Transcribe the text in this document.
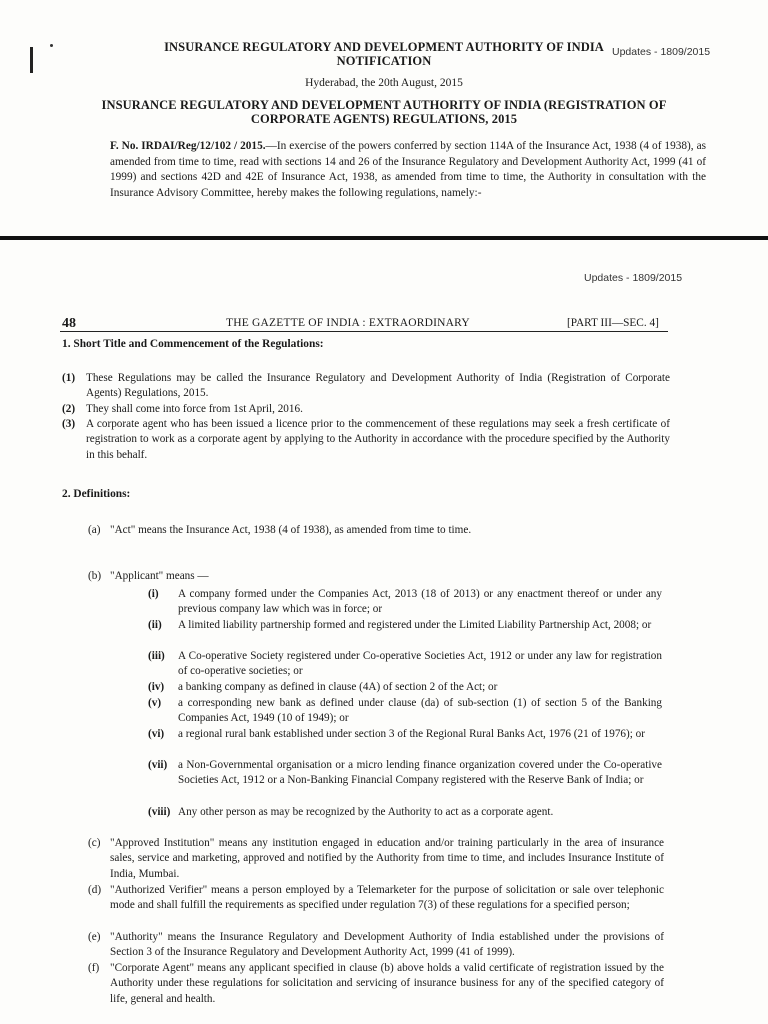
INSURANCE REGULATORY AND DEVELOPMENT AUTHORITY OF INDIA Updates - 1809/2015
NOTIFICATION
Hyderabad, the 20th August, 2015
INSURANCE REGULATORY AND DEVELOPMENT AUTHORITY OF INDIA (REGISTRATION OF
CORPORATE AGENTS) REGULATIONS, 2015
F. No. IRDAI/Reg/12/102 / 2015.—In exercise of the powers conferred by section 114A of the Insurance Act, 1938 (4 of 1938), as amended from time to time, read with sections 14 and 26 of the Insurance Regulatory and Development Authority Act, 1999 (41 of 1999) and sections 42D and 42E of Insurance Act, 1938, as amended from time to time, the Authority in consultation with the Insurance Advisory Committee, hereby makes the following regulations, namely:-
Updates - 1809/2015
48	THE GAZETTE OF INDIA : EXTRAORDINARY	[PART III—SEC. 4]
1. Short Title and Commencement of the Regulations:
(1) These Regulations may be called the Insurance Regulatory and Development Authority of India (Registration of Corporate Agents) Regulations, 2015.
(2) They shall come into force from 1st April, 2016.
(3) A corporate agent who has been issued a licence prior to the commencement of these regulations may seek a fresh certificate of registration to work as a corporate agent by applying to the Authority in accordance with the procedure specified by the Authority in this behalf.
2. Definitions:
(a) "Act" means the Insurance Act, 1938 (4 of 1938), as amended from time to time.
(b) "Applicant" means —
(i) A company formed under the Companies Act, 2013 (18 of 2013) or any enactment thereof or under any previous company law which was in force; or
(ii) A limited liability partnership formed and registered under the Limited Liability Partnership Act, 2008; or
(iii) A Co-operative Society registered under Co-operative Societies Act, 1912 or under any law for registration of co-operative societies; or
(iv) a banking company as defined in clause (4A) of section 2 of the Act; or
(v) a corresponding new bank as defined under clause (da) of sub-section (1) of section 5 of the Banking Companies Act, 1949 (10 of 1949); or
(vi) a regional rural bank established under section 3 of the Regional Rural Banks Act, 1976 (21 of 1976); or
(vii) a Non-Governmental organisation or a micro lending finance organization covered under the Co-operative Societies Act, 1912 or a Non-Banking Financial Company registered with the Reserve Bank of India; or
(viii) Any other person as may be recognized by the Authority to act as a corporate agent.
(c) "Approved Institution" means any institution engaged in education and/or training particularly in the area of insurance sales, service and marketing, approved and notified by the Authority from time to time, and includes Insurance Institute of India, Mumbai.
(d) "Authorized Verifier" means a person employed by a Telemarketer for the purpose of solicitation or sale over telephonic mode and shall fulfill the requirements as specified under regulation 7(3) of these regulations for a specified person;
(e) "Authority" means the Insurance Regulatory and Development Authority of India established under the provisions of Section 3 of the Insurance Regulatory and Development Authority Act, 1999 (41 of 1999).
(f) "Corporate Agent" means any applicant specified in clause (b) above holds a valid certificate of registration issued by the Authority under these regulations for solicitation and servicing of insurance business for any of the specified category of life, general and health.
